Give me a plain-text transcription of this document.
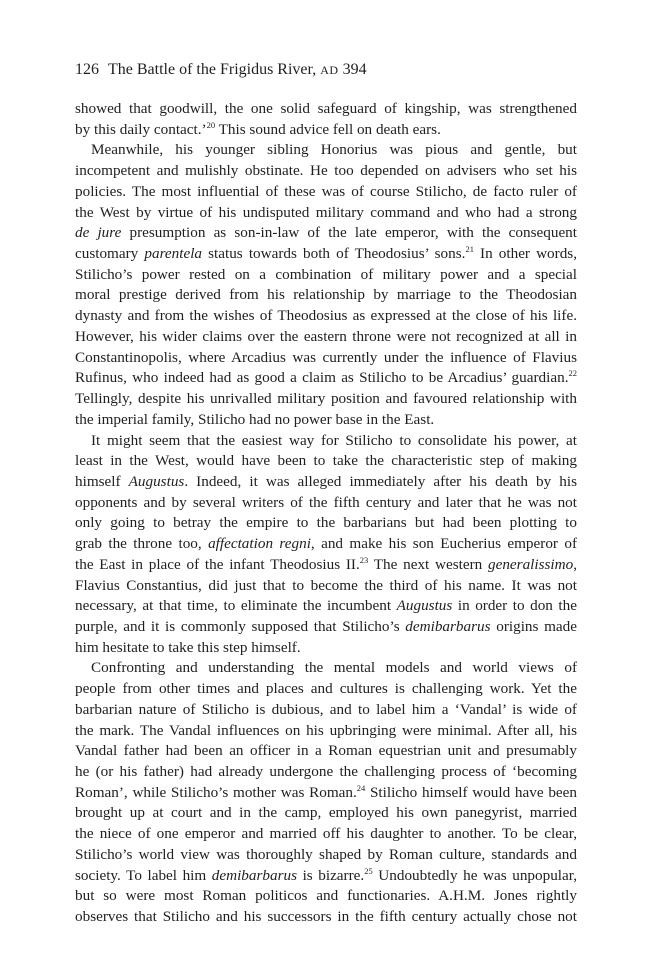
126 The Battle of the Frigidus River, AD 394
showed that goodwill, the one solid safeguard of kingship, was strengthened
by this daily contact.’$^{20}$ This sound advice fell on death ears.
Meanwhile, his younger sibling Honorius was pious and gentle, but
incompetent and mulishly obstinate. He too depended on advisers who set his
policies. The most influential of these was of course Stilicho, de facto ruler of
the West by virtue of his undisputed military command and who had a strong
de jure presumption as son-in-law of the late emperor, with the consequent
customary parentela status towards both of Theodosius’ sons.$^{21}$ In other words,
Stilicho’s power rested on a combination of military power and a special
moral prestige derived from his relationship by marriage to the Theodosian
dynasty and from the wishes of Theodosius as expressed at the close of his life.
However, his wider claims over the eastern throne were not recognized at all in
Constantinopolis, where Arcadius was currently under the influence of Flavius
Rufinus, who indeed had as good a claim as Stilicho to be Arcadius’ guardian.$^{22}$
Tellingly, despite his unrivalled military position and favoured relationship with
the imperial family, Stilicho had no power base in the East.
It might seem that the easiest way for Stilicho to consolidate his power, at
least in the West, would have been to take the characteristic step of making
himself Augustus. Indeed, it was alleged immediately after his death by his
opponents and by several writers of the fifth century and later that he was not
only going to betray the empire to the barbarians but had been plotting to
grab the throne too, affectation regni, and make his son Eucherius emperor of
the East in place of the infant Theodosius II.$^{23}$ The next western generalissimo,
Flavius Constantius, did just that to become the third of his name. It was not
necessary, at that time, to eliminate the incumbent Augustus in order to don the
purple, and it is commonly supposed that Stilicho’s demibarbarus origins made
him hesitate to take this step himself.
Confronting and understanding the mental models and world views of
people from other times and places and cultures is challenging work. Yet the
barbarian nature of Stilicho is dubious, and to label him a ‘Vandal’ is wide of
the mark. The Vandal influences on his upbringing were minimal. After all, his
Vandal father had been an officer in a Roman equestrian unit and presumably
he (or his father) had already undergone the challenging process of ‘becoming
Roman’, while Stilicho’s mother was Roman.$^{24}$ Stilicho himself would have been
brought up at court and in the camp, employed his own panegyrist, married
the niece of one emperor and married off his daughter to another. To be clear,
Stilicho’s world view was thoroughly shaped by Roman culture, standards and
society. To label him demibarbarus is bizarre.$^{25}$ Undoubtedly he was unpopular,
but so were most Roman politicos and functionaries. A.H.M. Jones rightly
observes that Stilicho and his successors in the fifth century actually chose not
